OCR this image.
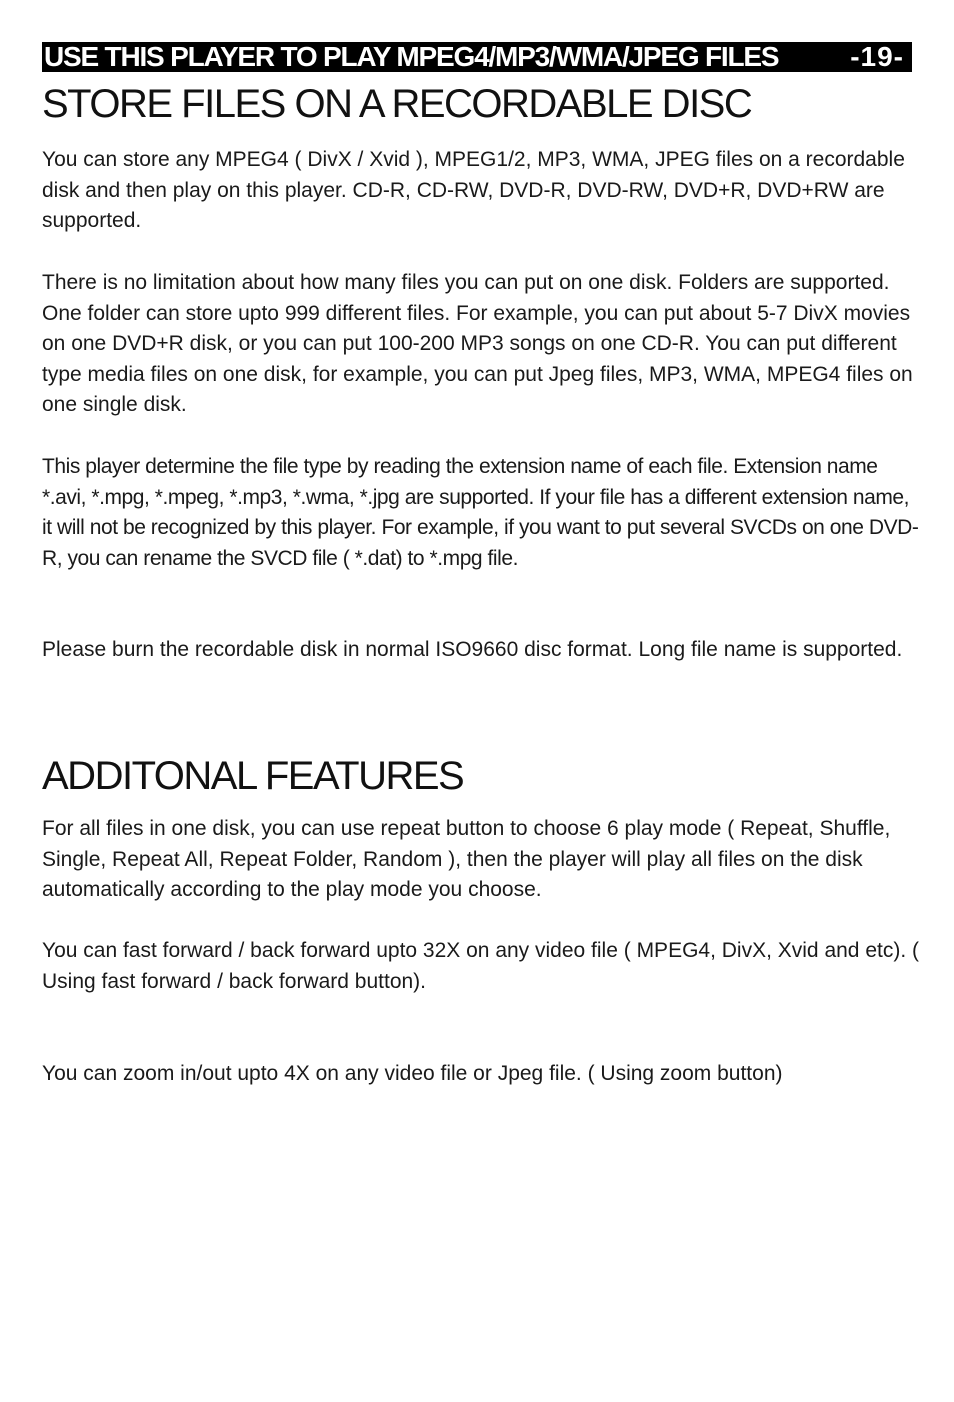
USE THIS PLAYER TO PLAY MPEG4/MP3/WMA/JPEG FILES	-19-
STORE FILES ON A RECORDABLE DISC

You can store any MPEG4 ( DivX / Xvid ), MPEG1/2, MP3, WMA, JPEG files on a recordable disk and then play on this player. CD-R, CD-RW, DVD-R, DVD-RW, DVD+R, DVD+RW are supported.

There is no limitation about how many files you can put on one disk. Folders are supported. One folder can store upto 999 different files. For example, you can put about 5-7 DivX movies on one DVD+R disk, or you can put 100-200 MP3 songs on one CD-R. You can put different type media files on one disk, for example, you can put Jpeg files, MP3, WMA, MPEG4 files on one single disk.

This player determine the file type by reading the extension name of each file. Extension name *.avi, *.mpg, *.mpeg, *.mp3, *.wma, *.jpg are supported. If your file has a different extension name, it will not be recognized by this player. For example, if you want to put several SVCDs on one DVD-R, you can rename the SVCD file ( *.dat) to *.mpg file.

Please burn the recordable disk in normal ISO9660 disc format. Long file name is supported.

ADDITONAL FEATURES

For all files in one disk, you can use repeat button to choose 6 play mode ( Repeat, Shuffle, Single, Repeat All, Repeat Folder, Random ), then the player will play all files on the disk automatically according to the play mode you choose.

You can fast forward / back forward upto 32X on any video file ( MPEG4, DivX, Xvid and etc). ( Using fast forward / back forward button).

You can zoom in/out upto 4X on any video file or Jpeg file. ( Using zoom button)
